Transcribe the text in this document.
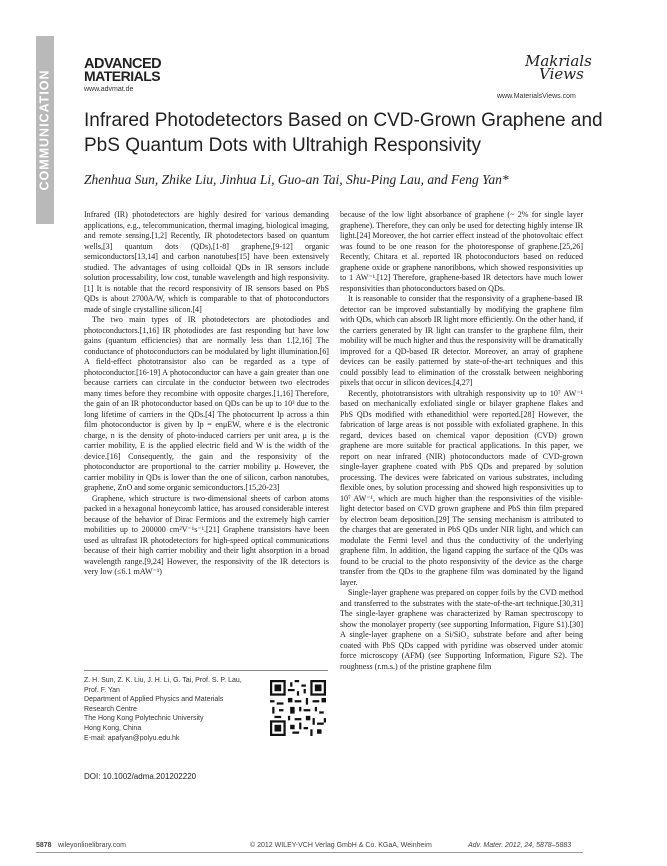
COMMUNICATION
ADVANCED
MATERIALS
www.advmat.de
Makrials
Views
www.MaterialsViews.com
Infrared Photodetectors Based on CVD-Grown Graphene and PbS Quantum Dots with Ultrahigh Responsivity
Zhenhua Sun, Zhike Liu, Jinhua Li, Guo-an Tai, Shu-Ping Lau, and Feng Yan*

Infrared (IR) photodetectors are highly desired for various demanding applications, e.g., telecommunication, thermal imaging, biological imaging, and remote sensing.[1,2] Recently, IR photodetectors based on quantum wells,[3] quantum dots (QDs),[1-8] graphene,[9-12] organic semiconductors[13,14] and carbon nanotubes[15] have been extensively studied. The advantages of using colloidal QDs in IR sensors include solution processability, low cost, tunable wavelength and high responsivity.[1] It is notable that the record responsivity of IR sensors based on PbS QDs is about 2700A/W, which is comparable to that of photoconductors made of single crystalline silicon.[4]

The two main types of IR photodetectors are photodiodes and photoconductors.[1,16] IR photodiodes are fast responding but have low gains (quantum efficiencies) that are normally less than 1.[2,16] The conductance of photoconductors can be modulated by light illumination.[6] A field-effect phototransistor also can be regarded as a type of photoconductor.[16-19] A photoconductor can have a gain greater than one because carriers can circulate in the conductor between two electrodes many times before they recombine with opposite charges.[1,16] Therefore, the gain of an IR photoconductor based on QDs can be up to 10³ due to the long lifetime of carriers in the QDs.[4] The photocurrent Ip across a thin film photoconductor is given by Ip = enμEW, where e is the electronic charge, n is the density of photo-induced carriers per unit area, μ is the carrier mobility, E is the applied electric field and W is the width of the device.[16] Consequently, the gain and the responsivity of the photoconductor are proportional to the carrier mobility μ. However, the carrier mobility in QDs is lower than the one of silicon, carbon nanotubes, graphene, ZnO and some organic semiconductors.[15,20-23]

Graphene, which structure is two-dimensional sheets of carbon atoms packed in a hexagonal honeycomb lattice, has aroused considerable interest because of the behavior of Dirac Fermions and the extremely high carrier mobilities up to 200000 cm²V⁻¹s⁻¹.[21] Graphene transistors have been used as ultrafast IR photodetectors for high-speed optical communications because of their high carrier mobility and their light absorption in a broad wavelength range.[9,24] However, the responsivity of the IR detectors is very low (≤6.1 mAW⁻¹)

because of the low light absorbance of graphene (~ 2% for single layer graphene). Therefore, they can only be used for detecting highly intense IR light.[24] Moreover, the hot carrier effect instead of the photovoltaic effect was found to be one reason for the photoresponse of graphene.[25,26] Recently, Chitara et al. reported IR photoconductors based on reduced graphene oxide or graphene nanoribbons, which showed responsivities up to 1 AW⁻¹.[12] Therefore, graphene-based IR detectors have much lower responsivities than photoconductors based on QDs.

It is reasonable to consider that the responsivity of a graphene-based IR detector can be improved substantially by modifying the graphene film with QDs, which can absorb IR light more efficiently. On the other hand, if the carriers generated by IR light can transfer to the graphene film, their mobility will be much higher and thus the responsivity will be dramatically improved for a QD-based IR detector. Moreover, an array of graphene devices can be easily patterned by state-of-the-art techniques and this could possibly lead to elimination of the crosstalk between neighboring pixels that occur in silicon devices.[4,27]

Recently, phototransistors with ultrahigh responsivity up to 10⁷ AW⁻¹ based on mechanically exfoliated single or bilayer graphene flakes and PbS QDs modified with ethanedithiol were reported.[28] However, the fabrication of large areas is not possible with exfoliated graphene. In this regard, devices based on chemical vapor deposition (CVD) grown graphene are more suitable for practical applications. In this paper, we report on near infrared (NIR) photoconductors made of CVD-grown single-layer graphene coated with PbS QDs and prepared by solution processing. The devices were fabricated on various substrates, including flexible ones, by solution processing and showed high responsivities up to 10⁷ AW⁻¹, which are much higher than the responsivities of the visible-light detector based on CVD grown graphene and PbS thin film prepared by electron beam deposition.[29] The sensing mechanism is attributed to the charges that are generated in PbS QDs under NIR light, and which can modulate the Fermi level and thus the conductivity of the underlying graphene film. In addition, the ligand capping the surface of the QDs was found to be crucial to the photo responsivity of the device as the charge transfer from the QDs to the graphene film was dominated by the ligand layer.

Single-layer graphene was prepared on copper foils by the CVD method and transferred to the substrates with the state-of-the-art technique.[30,31] The single-layer graphene was characterized by Raman spectroscopy to show the monolayer property (see supporting Information, Figure S1).[30] A single-layer graphene on a Si/SiO₂ substrate before and after being coated with PbS QDs capped with pyridine was observed under atomic force microscopy (AFM) (see Supporting Information, Figure S2). The roughness (r.m.s.) of the pristine graphene film

Z. H. Sun, Z. K. Liu, J. H. Li, G. Tai, Prof. S. P. Lau,
Prof. F. Yan
Department of Applied Physics and Materials
Research Centre
The Hong Kong Polytechnic University
Hong Kong, China
E-mail: apafyan@polyu.edu.hk
DOI: 10.1002/adma.201202220
5878 wileyonlinelibrary.com	© 2012 WILEY-VCH Verlag GmbH & Co. KGaA, Weinheim	Adv. Mater. 2012, 24, 5878–5883
